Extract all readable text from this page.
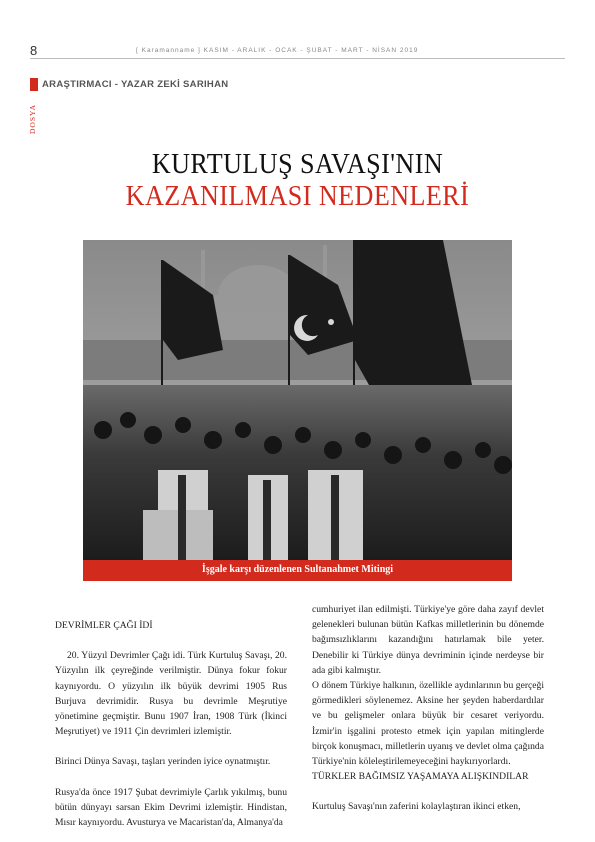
8	[ Karamanname ] KASIM - ARALIK - OCAK - ŞUBAT - MART - NİSAN 2019
DOSYA
ARAŞTIRMACI - YAZAR ZEKİ SARIHAN
KURTULUŞ SAVAŞI'NIN
KAZANILMASI NEDENLERİ
İşgale karşı düzenlenen Sultanahmet Mitingi

DEVRİMLER ÇAĞI İDİ

20. Yüzyıl Devrimler Çağı idi. Türk Kurtuluş Savaşı, 20. Yüzyılın ilk çeyreğinde verilmiştir. Dünya fokur fokur kaynıyordu. O yüzyılın ilk büyük devrimi 1905 Rus Burjuva devrimidir. Rusya bu devrimle Meşrutiye yönetimine geçmiştir. Bunu 1907 İran, 1908 Türk (İkinci Meşrutiyet) ve 1911 Çin devrimleri izlemiştir.

Birinci Dünya Savaşı, taşları yerinden iyice oynatmıştır.

Rusya'da önce 1917 Şubat devrimiyle Çarlık yıkılmış, bunu bütün dünyayı sarsan Ekim Devrimi izlemiştir. Hindistan, Mısır kaynıyordu. Avusturya ve Macaristan'da, Almanya'da

cumhuriyet ilan edilmişti. Türkiye'ye göre daha zayıf devlet gelenekleri bulunan bütün Kafkas milletlerinin bu dönemde bağımsızlıklarını kazandığını hatırlamak bile yeter. Denebilir ki Türkiye dünya devriminin içinde nerdeyse bir ada gibi kalmıştır.

O dönem Türkiye halkının, özellikle aydınlarının bu gerçeği görmedikleri söylenemez. Aksine her şeyden haberdardılar ve bu gelişmeler onlara büyük bir cesaret veriyordu. İzmir'in işgalini protesto etmek için yapılan mitinglerde birçok konuşmacı, milletlerin uyanış ve devlet olma çağında Türkiye'nin köleleştirilemeyeceğini haykırıyorlardı.

TÜRKLER BAĞIMSIZ YAŞAMAYA ALIŞKINDILAR

Kurtuluş Savaşı'nın zaferini kolaylaştıran ikinci etken,
